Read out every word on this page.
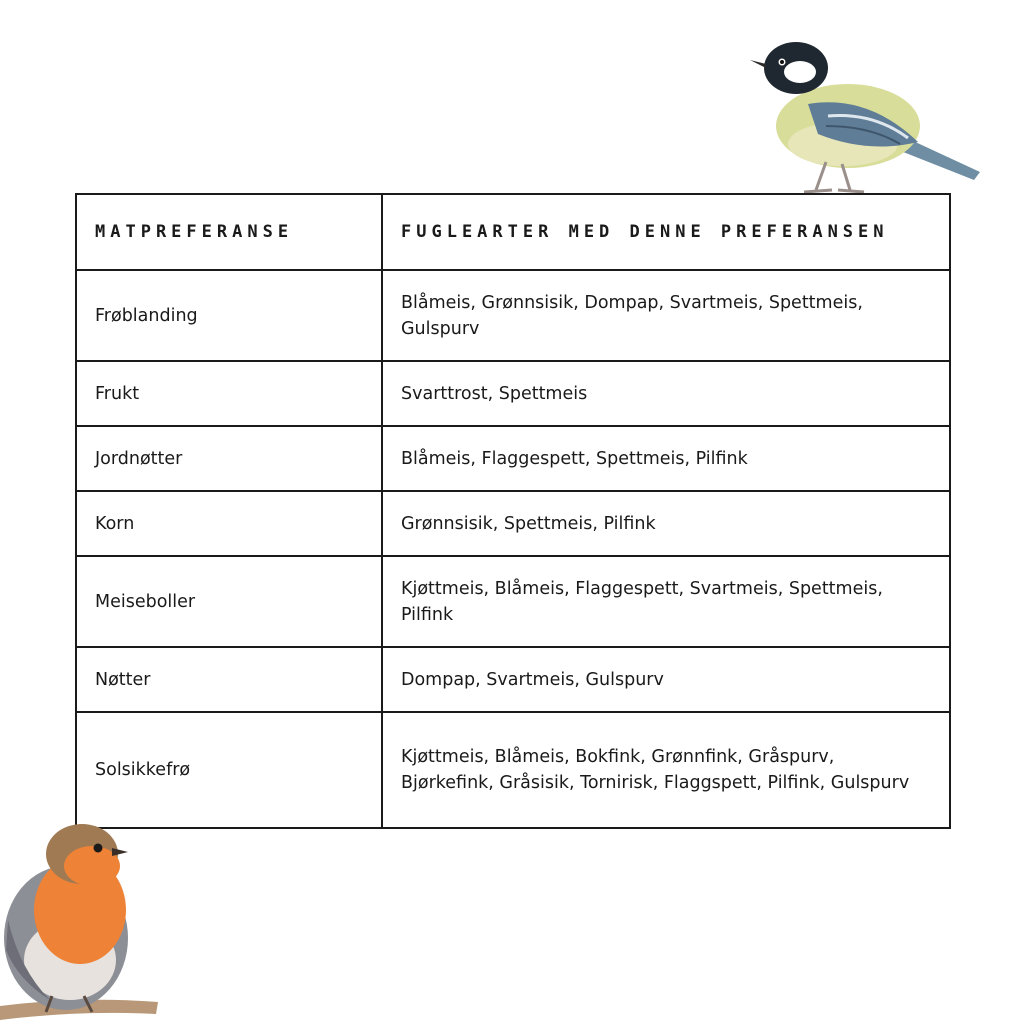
MATPREFERANSE	FUGLEARTER MED DENNE PREFERANSEN
Frøblanding	Blåmeis, Grønnsisik, Dompap, Svartmeis, Spettmeis, Gulspurv
Frukt	Svarttrost, Spettmeis
Jordnøtter	Blåmeis, Flaggespett, Spettmeis, Pilfink
Korn	Grønnsisik, Spettmeis, Pilfink
Meiseboller	Kjøttmeis, Blåmeis, Flaggespett, Svartmeis, Spettmeis, Pilfink
Nøtter	Dompap, Svartmeis, Gulspurv
Solsikkefrø	Kjøttmeis, Blåmeis, Bokfink, Grønnfink, Gråspurv, Bjørkefink, Gråsisik, Tornirisk, Flaggspett, Pilfink, Gulspurv
